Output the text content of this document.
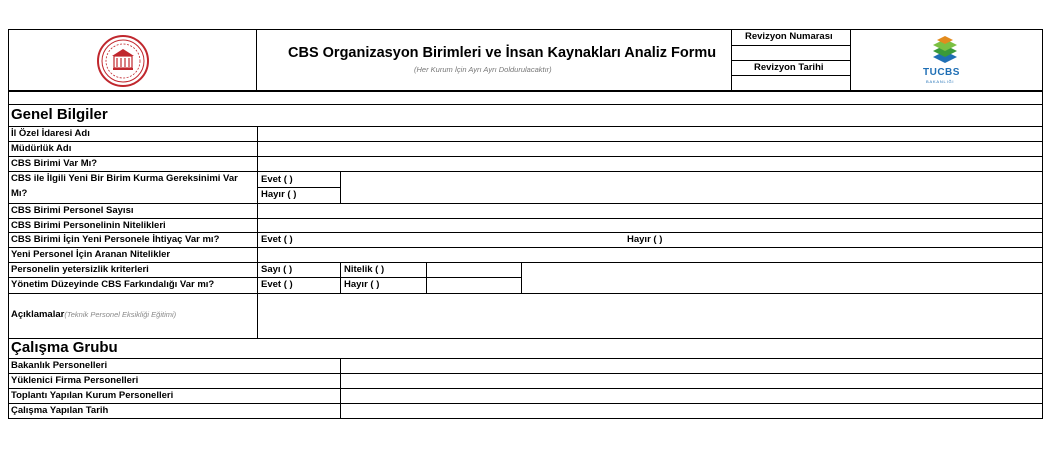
CBS Organizasyon Birimleri ve İnsan Kaynakları Analiz Formu
(Her Kurum İçin Ayrı Ayrı Doldurulacaktır)
Revizyon Numarası
Revizyon Tarihi	TUCBS
BAKANLIĞI
Genel Bilgiler
İl Özel İdaresi Adı
Müdürlük Adı
CBS Birimi Var Mı?
CBS ile İlgili Yeni Bir Birim Kurma Gereksinimi Var
Mı?
Evet ( )
Hayır ( )
CBS Birimi Personel Sayısı
CBS Birimi Personelinin Nitelikleri
CBS Birimi İçin Yeni Personele İhtiyaç Var mı?	Evet ( )	Hayır ( )
Yeni Personel İçin Aranan Nitelikler
Personelin yetersizlik kriterleri	Sayı ( )	Nitelik ( )
Yönetim Düzeyinde CBS Farkındalığı Var mı?	Evet ( )	Hayır ( )
Açıklamalar(Teknik Personel Eksikliği Eğitimi)
Çalışma Grubu
Bakanlık Personelleri
Yüklenici Firma Personelleri
Toplantı Yapılan Kurum Personelleri
Çalışma Yapılan Tarih
